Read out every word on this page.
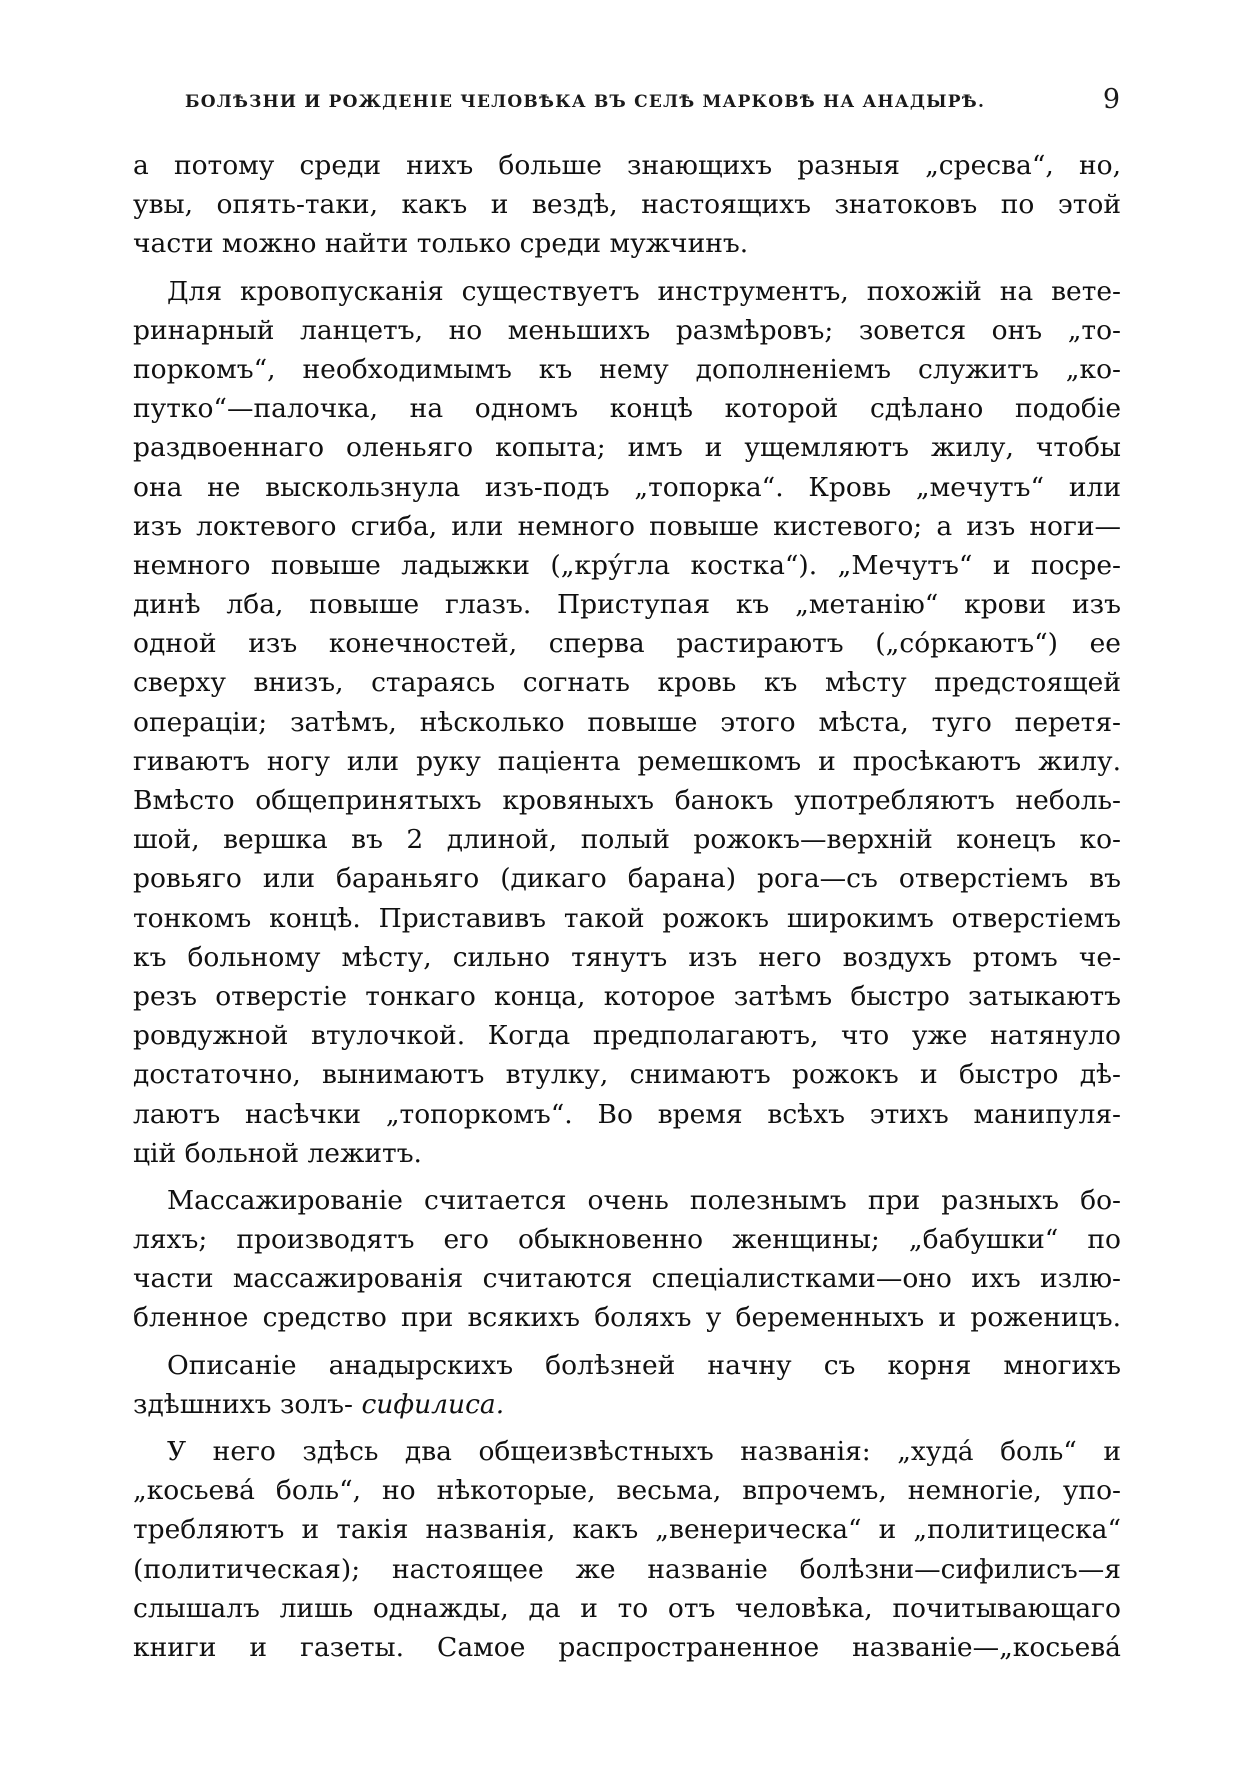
БОЛѢЗНИ И РОЖДЕНІЕ ЧЕЛОВѢКА ВЪ СЕЛѢ МАРКОВѢ НА АНАДЫРѢ.	9
а потому среди нихъ больше знающихъ разныя „сресва“, но,
увы, опять-таки, какъ и вездѣ, настоящихъ знатоковъ по этой
части можно найти только среди мужчинъ.
Для кровопусканія существуетъ инструментъ, похожій на вете-
ринарный ланцетъ, но меньшихъ размѣровъ; зовется онъ „то-
поркомъ“, необходимымъ къ нему дополненіемъ служитъ „ко-
путко“—палочка, на одномъ концѣ которой сдѣлано подобіе
раздвоеннаго оленьяго копыта; имъ и ущемляютъ жилу, чтобы
она не выскользнула изъ-подъ „топорка“. Кровь „мечутъ“ или
изъ локтевого сгиба, или немного повыше кистевого; а изъ ноги—
немного повыше ладыжки („кру́гла костка“). „Мечутъ“ и посре-
динѣ лба, повыше глазъ. Приступая къ „метанію“ крови изъ
одной изъ конечностей, сперва растираютъ („со́ркаютъ“) ее
сверху внизъ, стараясь согнать кровь къ мѣсту предстоящей
операціи; затѣмъ, нѣсколько повыше этого мѣста, туго перетя-
гиваютъ ногу или руку паціента ремешкомъ и просѣкаютъ жилу.
Вмѣсто общепринятыхъ кровяныхъ банокъ употребляютъ неболь-
шой, вершка въ 2 длиной, полый рожокъ—верхній конецъ ко-
ровьяго или бараньяго (дикаго барана) рога—съ отверстіемъ въ
тонкомъ концѣ. Приставивъ такой рожокъ широкимъ отверстіемъ
къ больному мѣсту, сильно тянутъ изъ него воздухъ ртомъ че-
резъ отверстіе тонкаго конца, которое затѣмъ быстро затыкаютъ
ровдужной втулочкой. Когда предполагаютъ, что уже натянуло
достаточно, вынимаютъ втулку, снимаютъ рожокъ и быстро дѣ-
лаютъ насѣчки „топоркомъ“. Во время всѣхъ этихъ манипуля-
цій больной лежитъ.
Массажированіе считается очень полезнымъ при разныхъ бо-
ляхъ; производятъ его обыкновенно женщины; „бабушки“ по
части массажированія считаются спеціалистками—оно ихъ излю-
бленное средство при всякихъ боляхъ у беременныхъ и роженицъ.
Описаніе анадырскихъ болѣзней начну съ корня многихъ
здѣшнихъ золъ- сифилиса.
У него здѣсь два общеизвѣстныхъ названія: „худа́ боль“ и
„косьева́ боль“, но нѣкоторые, весьма, впрочемъ, немногіе, упо-
требляютъ и такія названія, какъ „венерическа“ и „политицеска“
(политическая); настоящее же названіе болѣзни—сифилисъ—я
слышалъ лишь однажды, да и то отъ человѣка, почитывающаго
книги и газеты. Самое распространенное названіе—„косьева́
